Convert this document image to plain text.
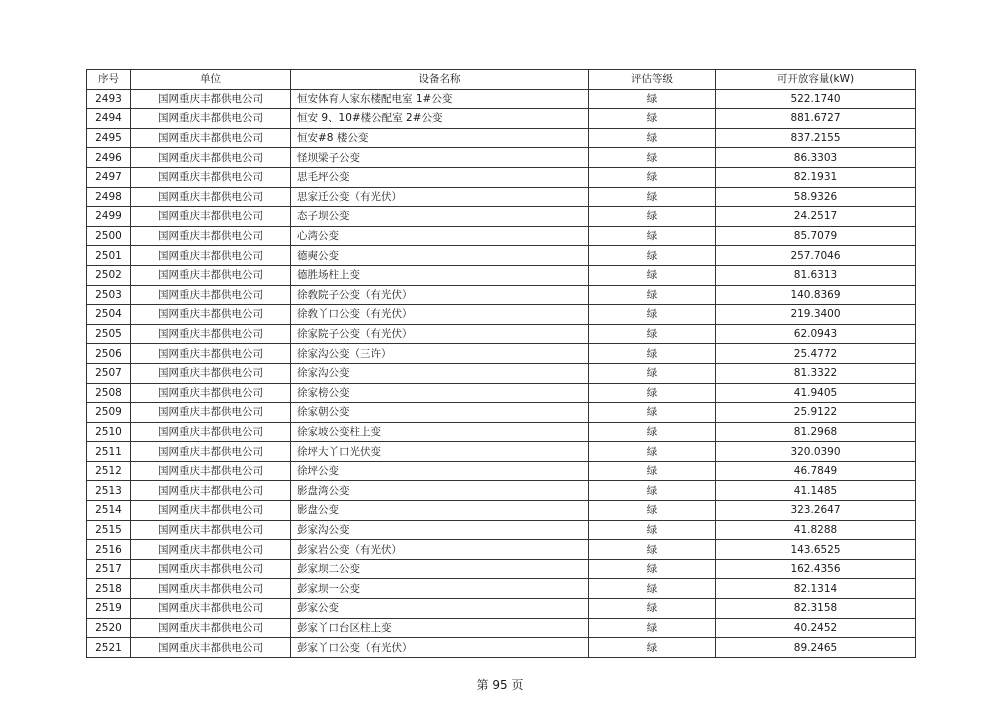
序号	单位	设备名称	评估等级	可开放容量(kW)
2493	国网重庆丰都供电公司	恒安体育人家东楼配电室 1#公变	绿	522.1740
2494	国网重庆丰都供电公司	恒安 9、10#楼公配室 2#公变	绿	881.6727
2495	国网重庆丰都供电公司	恒安#8 楼公变	绿	837.2155
2496	国网重庆丰都供电公司	怪坝梁子公变	绿	86.3303
2497	国网重庆丰都供电公司	思毛坪公变	绿	82.1931
2498	国网重庆丰都供电公司	思家迁公变（有光伏）	绿	58.9326
2499	国网重庆丰都供电公司	态子坝公变	绿	24.2517
2500	国网重庆丰都供电公司	心湾公变	绿	85.7079
2501	国网重庆丰都供电公司	德奭公变	绿	257.7046
2502	国网重庆丰都供电公司	德胜场柱上变	绿	81.6313
2503	国网重庆丰都供电公司	徐敎院子公变（有光伏）	绿	140.8369
2504	国网重庆丰都供电公司	徐敎丫口公变（有光伏）	绿	219.3400
2505	国网重庆丰都供电公司	徐家院子公变（有光伏）	绿	62.0943
2506	国网重庆丰都供电公司	徐家沟公变（三许）	绿	25.4772
2507	国网重庆丰都供电公司	徐家沟公变	绿	81.3322
2508	国网重庆丰都供电公司	徐家榜公变	绿	41.9405
2509	国网重庆丰都供电公司	徐家朝公变	绿	25.9122
2510	国网重庆丰都供电公司	徐家坡公变柱上变	绿	81.2968
2511	国网重庆丰都供电公司	徐坪大丫口光伏变	绿	320.0390
2512	国网重庆丰都供电公司	徐坪公变	绿	46.7849
2513	国网重庆丰都供电公司	影盘湾公变	绿	41.1485
2514	国网重庆丰都供电公司	影盘公变	绿	323.2647
2515	国网重庆丰都供电公司	彭家沟公变	绿	41.8288
2516	国网重庆丰都供电公司	彭家岩公变（有光伏）	绿	143.6525
2517	国网重庆丰都供电公司	彭家坝二公变	绿	162.4356
2518	国网重庆丰都供电公司	彭家坝一公变	绿	82.1314
2519	国网重庆丰都供电公司	彭家公变	绿	82.3158
2520	国网重庆丰都供电公司	彭家丫口台区柱上变	绿	40.2452
2521	国网重庆丰都供电公司	彭家丫口公变（有光伏）	绿	89.2465
第 95 页
